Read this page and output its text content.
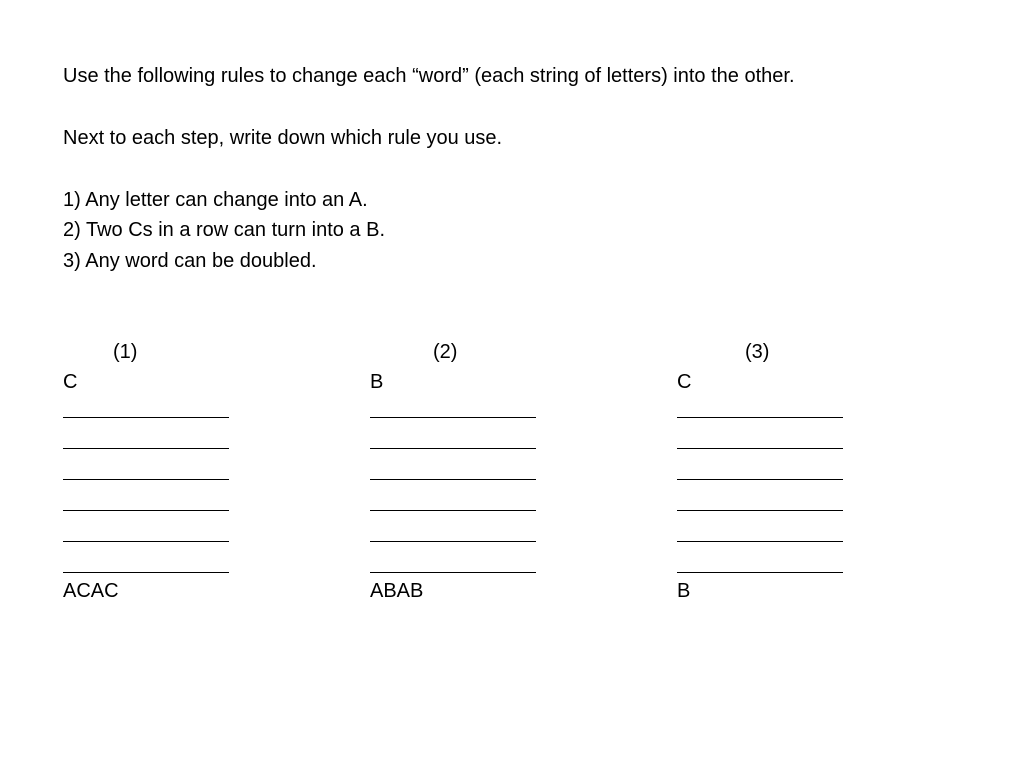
Use the following rules to change each “word” (each string of letters) into the other.
Next to each step, write down which rule you use.
1) Any letter can change into an A.
2) Two Cs in a row can turn into a B.
3) Any word can be doubled.
(1)
C
ACAC
(2)
B
ABAB
(3)
C
B
